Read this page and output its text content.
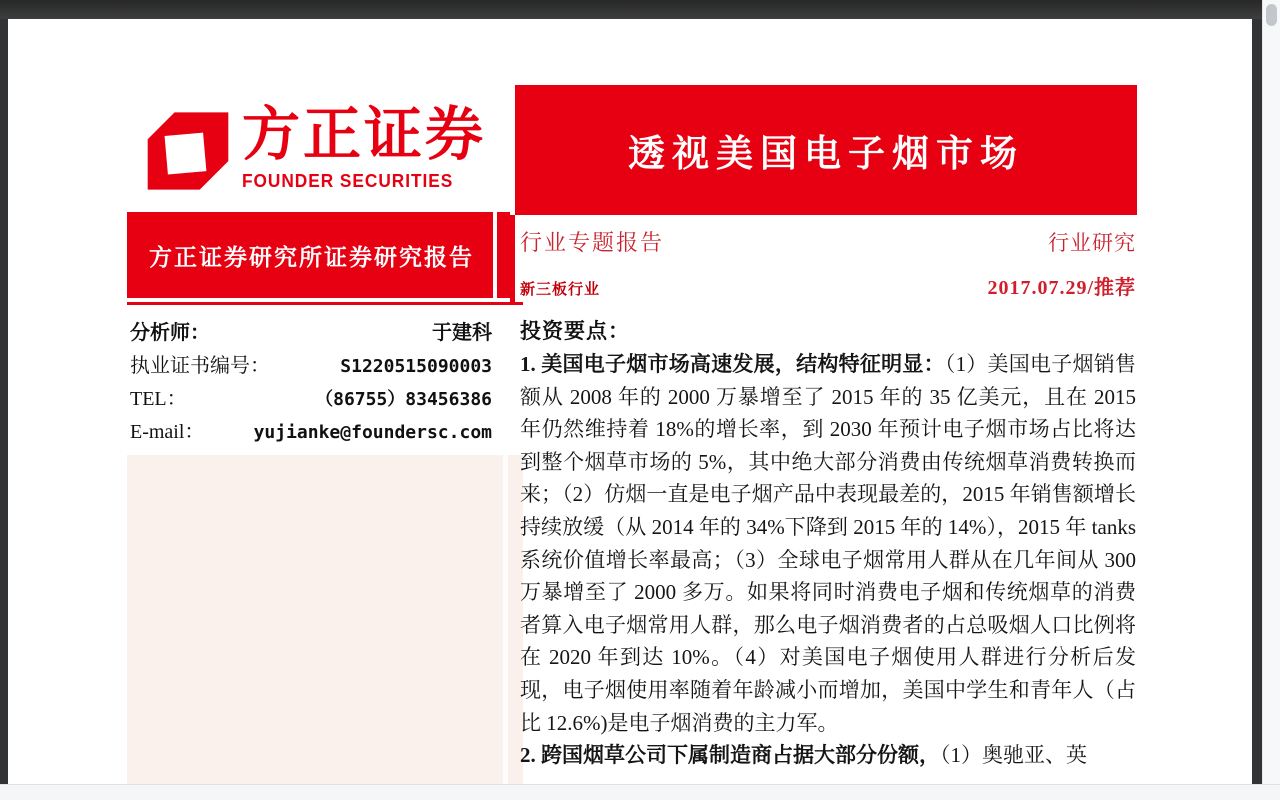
方正证券
FOUNDER SECURITIES
透视美国电子烟市场
方正证券研究所证券研究报告
分析师：	于建科
执业证书编号：	S1220515090003
TEL：	（86755）83456386
E-mail：	yujianke@foundersc.com
行业专题报告	行业研究
新三板行业	2017.07.29/推荐
投资要点：

1. 美国电子烟市场高速发展，结构特征明显：（1）美国电子烟销售额从 2008 年的 2000 万暴增至了 2015 年的 35 亿美元，且在 2015 年仍然维持着 18%的增长率，到 2030 年预计电子烟市场占比将达到整个烟草市场的 5%，其中绝大部分消费由传统烟草消费转换而来；（2）仿烟一直是电子烟产品中表现最差的，2015 年销售额增长持续放缓（从 2014 年的 34%下降到 2015 年的 14%），2015 年 tanks 系统价值增长率最高；（3）全球电子烟常用人群从在几年间从 300 万暴增至了 2000 多万。如果将同时消费电子烟和传统烟草的消费者算入电子烟常用人群，那么电子烟消费者的占总吸烟人口比例将在 2020 年到达 10%。（4）对美国电子烟使用人群进行分析后发现，电子烟使用率随着年龄减小而增加，美国中学生和青年人（占比 12.6%)是电子烟消费的主力军。

2. 跨国烟草公司下属制造商占据大部分份额，（1）奥驰亚、英
